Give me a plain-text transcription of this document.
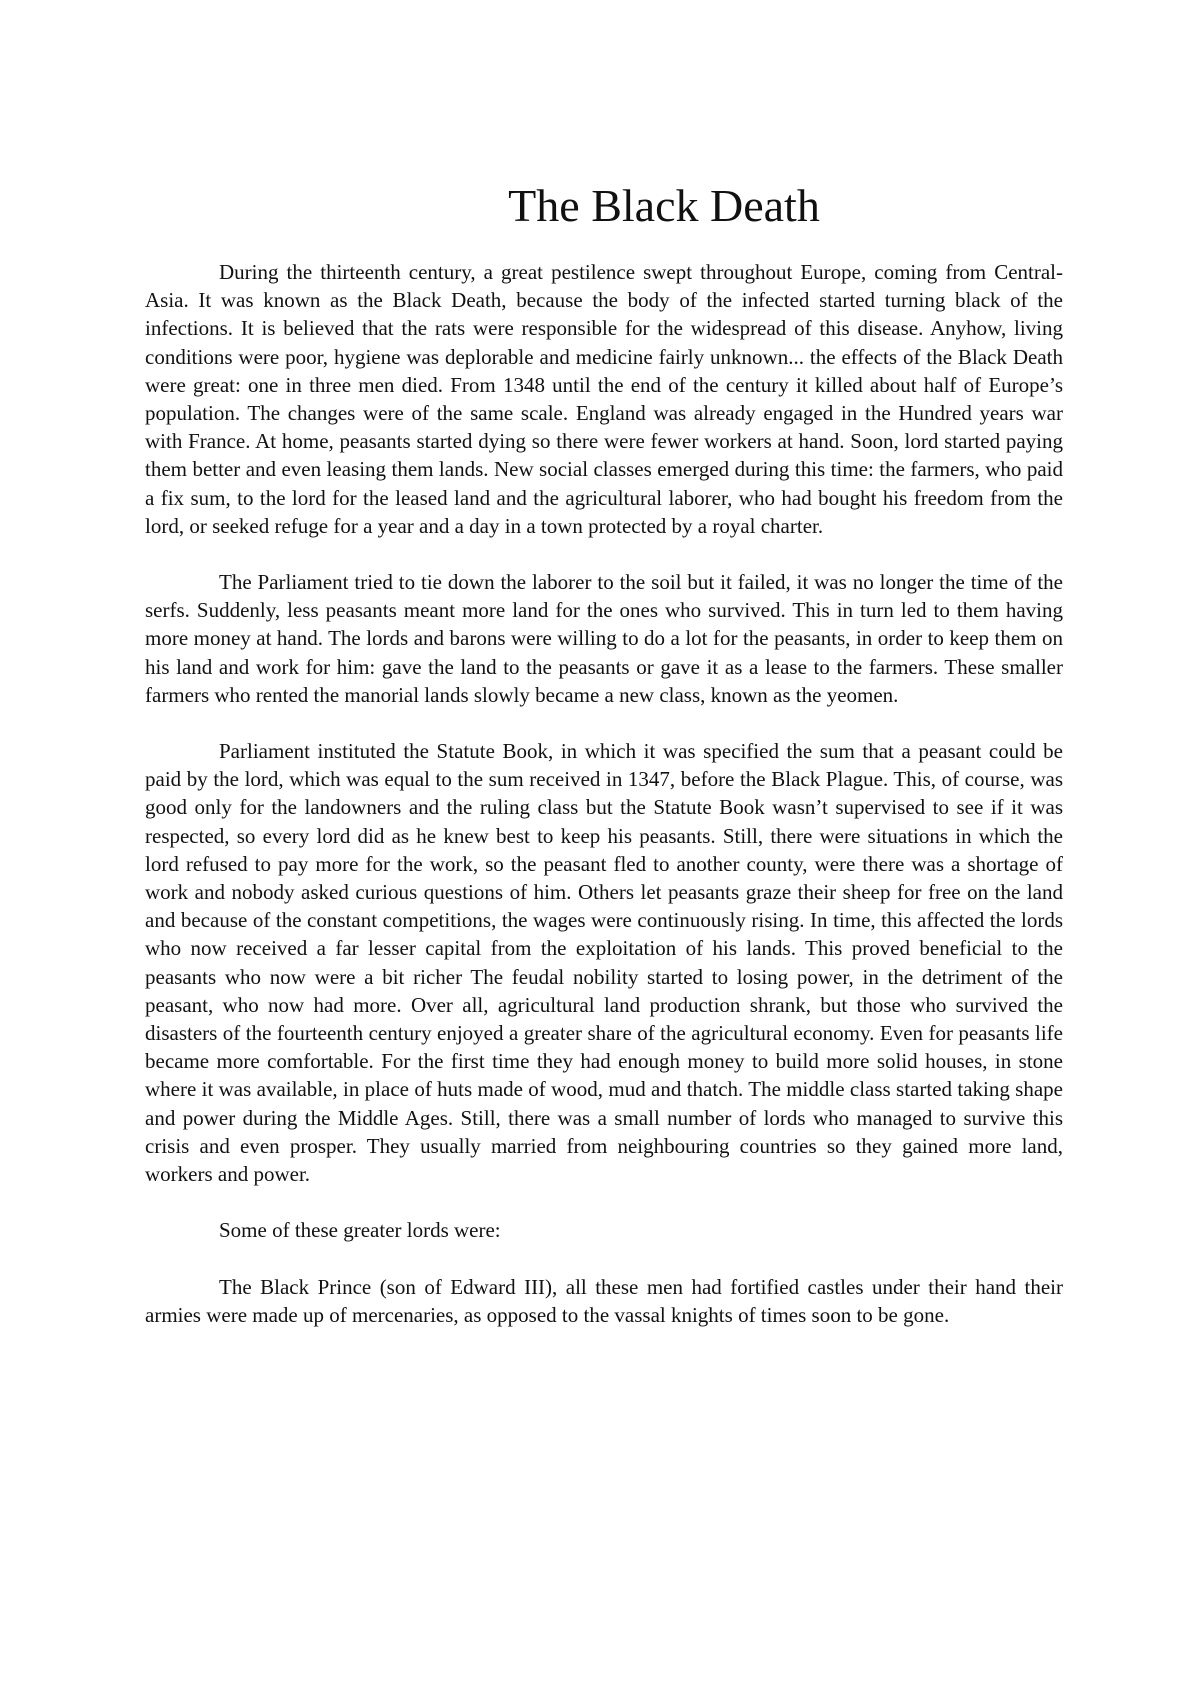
The Black Death

During the thirteenth century, a great pestilence swept throughout Europe, coming from Central-Asia. It was known as the Black Death, because the body of the infected started turning black of the infections. It is believed that the rats were responsible for the widespread of this disease. Anyhow, living conditions were poor, hygiene was deplorable and medicine fairly unknown... the effects of the Black Death were great: one in three men died. From 1348 until the end of the century it killed about half of Europe’s population. The changes were of the same scale. England was already engaged in the Hundred years war with France. At home, peasants started dying so there were fewer workers at hand. Soon, lord started paying them better and even leasing them lands. New social classes emerged during this time: the farmers, who paid a fix sum, to the lord for the leased land and the agricultural laborer, who had bought his freedom from the lord, or seeked refuge for a year and a day in a town protected by a royal charter.

The Parliament tried to tie down the laborer to the soil but it failed, it was no longer the time of the serfs. Suddenly, less peasants meant more land for the ones who survived. This in turn led to them having more money at hand. The lords and barons were willing to do a lot for the peasants, in order to keep them on his land and work for him: gave the land to the peasants or gave it as a lease to the farmers. These smaller farmers who rented the manorial lands slowly became a new class, known as the yeomen.

Parliament instituted the Statute Book, in which it was specified the sum that a peasant could be paid by the lord, which was equal to the sum received in 1347, before the Black Plague. This, of course, was good only for the landowners and the ruling class but the Statute Book wasn’t supervised to see if it was respected, so every lord did as he knew best to keep his peasants. Still, there were situations in which the lord refused to pay more for the work, so the peasant fled to another county, were there was a shortage of work and nobody asked curious questions of him. Others let peasants graze their sheep for free on the land and because of the constant competitions, the wages were continuously rising. In time, this affected the lords who now received a far lesser capital from the exploitation of his lands. This proved beneficial to the peasants who now were a bit richer The feudal nobility started to losing power, in the detriment of the peasant, who now had more. Over all, agricultural land production shrank, but those who survived the disasters of the fourteenth century enjoyed a greater share of the agricultural economy. Even for peasants life became more comfortable. For the first time they had enough money to build more solid houses, in stone where it was available, in place of huts made of wood, mud and thatch. The middle class started taking shape and power during the Middle Ages. Still, there was a small number of lords who managed to survive this crisis and even prosper. They usually married from neighbouring countries so they gained more land, workers and power.

Some of these greater lords were:

The Black Prince (son of Edward III), all these men had fortified castles under their hand their armies were made up of mercenaries, as opposed to the vassal knights of times soon to be gone.
